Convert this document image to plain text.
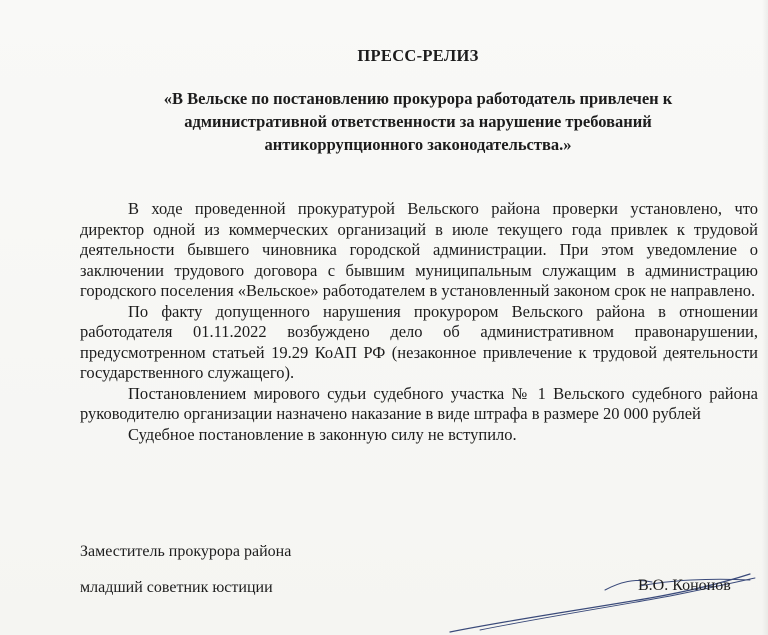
ПРЕСС-РЕЛИЗ
«В Вельске по постановлению прокурора работодатель привлечен к административной ответственности за нарушение требований антикоррупционного законодательства.»

В ходе проведенной прокуратурой Вельского района проверки установлено, что директор одной из коммерческих организаций в июле текущего года привлек к трудовой деятельности бывшего чиновника городской администрации. При этом уведомление о заключении трудового договора с бывшим муниципальным служащим в администрацию городского поселения «Вельское» работодателем в установленный законом срок не направлено.

По факту допущенного нарушения прокурором Вельского района в отношении работодателя 01.11.2022 возбуждено дело об административном правонарушении, предусмотренном статьей 19.29 КоАП РФ (незаконное привлечение к трудовой деятельности государственного служащего).

Постановлением мирового судьи судебного участка № 1 Вельского судебного района руководителю организации назначено наказание в виде штрафа в размере 20 000 рублей

Судебное постановление в законную силу не вступило.

Заместитель прокурора района
младший советник юстиции	В.О. Кононов
